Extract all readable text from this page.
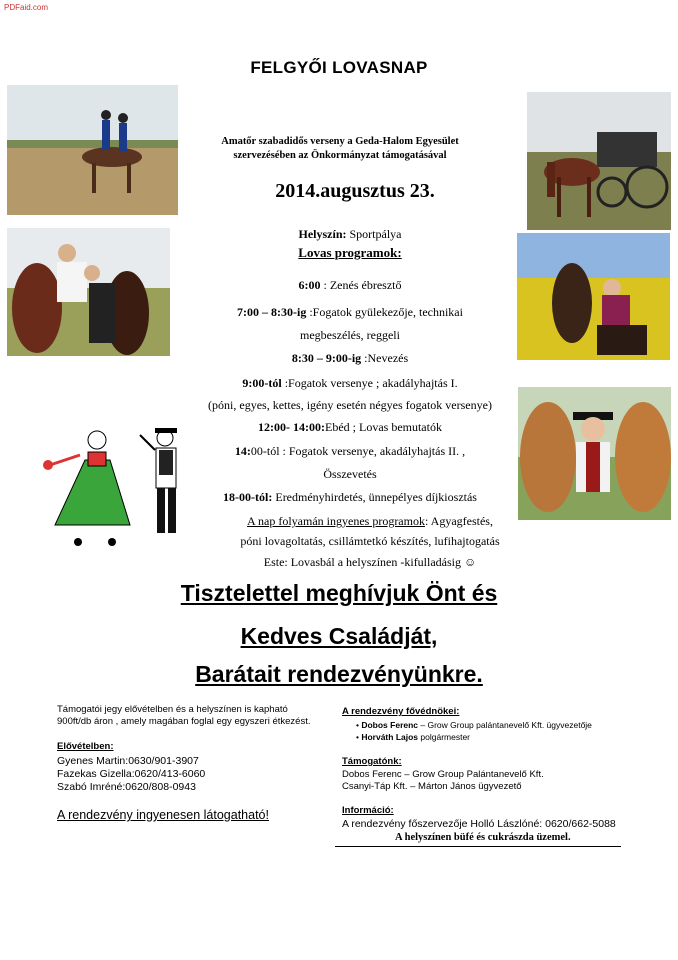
PDFaid.com
FELGYŐI LOVASNAP
Amatőr szabadidős verseny a Geda-Halom Egyesület
szervezésében az Önkormányzat támogatásával
2014.augusztus 23.
Helyszín: Sportpálya
Lovas programok:
6:00 : Zenés ébresztő
7:00 – 8:30-ig :Fogatok gyülekezője, technikai
megbeszélés, reggeli
8:30 – 9:00-ig :Nevezés
9:00-tól :Fogatok versenye ; akadályhajtás I.
(póni, egyes, kettes, igény esetén négyes fogatok versenye)
12:00- 14:00:Ebéd ; Lovas bemutatók
14:00-tól : Fogatok versenye, akadályhajtás II. ,
Összevetés
18-00-tól: Eredményhirdetés, ünnepélyes díjkiosztás
A nap folyamán ingyenes programok: Agyagfestés,
póni lovagoltatás, csillámtetkó készítés, lufihajtogatás
Este: Lovasbál a helyszínen -kifulladásig ☺
Tisztelettel meghívjuk Önt és
Kedves Családját,
Barátait rendezvényünkre.
Támogatói jegy elővételben és a helyszínen is kapható
900ft/db áron , amely magában foglal egy egyszeri étkezést.
Elővételben:
Gyenes Martin:0630/901-3907
Fazekas Gizella:0620/413-6060
Szabó Imréné:0620/808-0943
A rendezvény ingyenesen látogatható!
A rendezvény fővédnökei:
• Dobos Ferenc – Grow Group palántanevelő Kft. ügyvezetője
• Horváth Lajos polgármester
Támogatónk:
Dobos Ferenc – Grow Group Palántanevelő Kft.
Csanyi-Táp Kft. – Márton János ügyvezető
Információ:
A rendezvény főszervezője Holló Lászlóné: 0620/662-5088
A helyszínen büfé és cukrászda üzemel.
